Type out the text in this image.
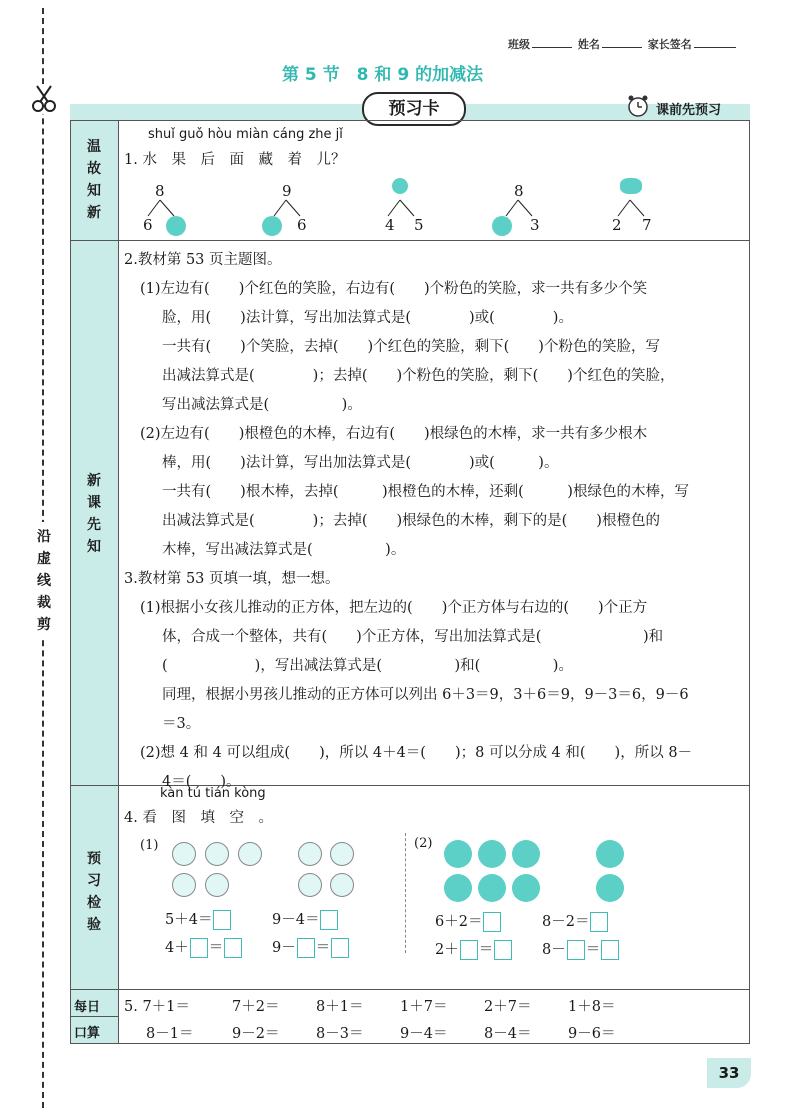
沿
虚
线
裁
剪
班级	姓名	家长签名
第 5 节　8 和 9 的加减法
预习卡	课前先预习
温
故
知
新
新
课
先
知
预
习
检
验
每日
口算
shuǐ guǒ hòu miàn cáng zhe jǐ
1. 水　果　后　面　藏　着　儿？
8
6
9
6	4 5
8
3	2 7
2.教材第 53 页主题图。
(1)左边有(　　)个红色的笑脸，右边有(　　)个粉色的笑脸，求一共有多少个笑
脸，用(　　)法计算，写出加法算式是(　　　　)或(　　　　)。
一共有(　　)个笑脸，去掉(　　)个红色的笑脸，剩下(　　)个粉色的笑脸，写
出减法算式是(　　　　)；去掉(　　)个粉色的笑脸，剩下(　　)个红色的笑脸，
写出减法算式是(　　　　　)。
(2)左边有(　　)根橙色的木棒，右边有(　　)根绿色的木棒，求一共有多少根木
棒，用(　　)法计算，写出加法算式是(　　　　)或(　　　)。
一共有(　　)根木棒，去掉(　　　)根橙色的木棒，还剩(　　　)根绿色的木棒，写
出减法算式是(　　　　)；去掉(　　)根绿色的木棒，剩下的是(　　)根橙色的
木棒，写出减法算式是(　　　　　)。
3.教材第 53 页填一填，想一想。
(1)根据小女孩儿推动的正方体，把左边的(　　)个正方体与右边的(　　)个正方
体，合成一个整体，共有(　　)个正方体，写出加法算式是(　　　　　　　)和
(　　　　　　)，写出减法算式是(　　　　　)和(　　　　　)。
同理，根据小男孩儿推动的正方体可以列出 6＋3＝9，3＋6＝9，9－3＝6，9－6
＝3。
(2)想 4 和 4 可以组成(　　)，所以 4＋4＝(　　)；8 可以分成 4 和(　　)，所以 8－
4＝(　　)。
kàn tú tián kòng
4. 看　图　填　空　。
(1)	(2)
5＋4＝	9－4＝
4＋ ＝	9－ ＝
6＋2＝	8－2＝
2＋ ＝	8－ ＝
5. 7＋1＝	7＋2＝	8＋1＝	1＋7＝	2＋7＝	1＋8＝
8－1＝	9－2＝	8－3＝	9－4＝	8－4＝	9－6＝
33
